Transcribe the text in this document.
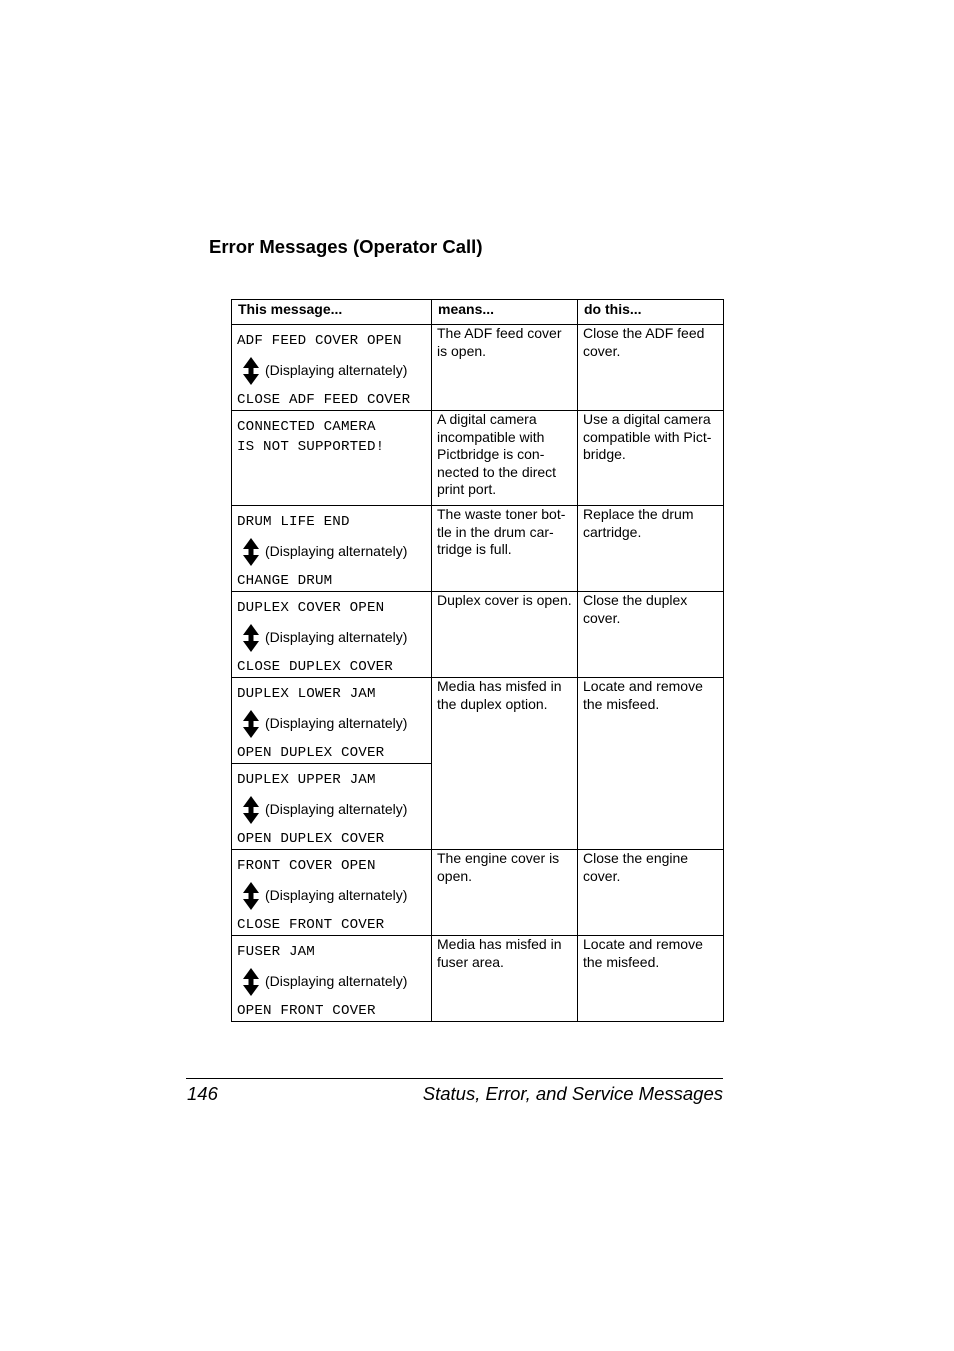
Error Messages (Operator Call)
This message...	means...	do this...

ADF FEED COVER OPEN
(Displaying alternately)
CLOSE ADF FEED COVER	The ADF feed cover is open.	Close the ADF feed cover.

CONNECTED CAMERA
IS NOT SUPPORTED!	A digital camera incompatible with Pictbridge is con-nected to the direct print port.	Use a digital camera compatible with Pict-bridge.

DRUM LIFE END
(Displaying alternately)
CHANGE DRUM	The waste toner bot-tle in the drum car-tridge is full.	Replace the drum cartridge.

DUPLEX COVER OPEN
(Displaying alternately)
CLOSE DUPLEX COVER	Duplex cover is open.	Close the duplex cover.

DUPLEX LOWER JAM
(Displaying alternately)
OPEN DUPLEX COVER	Media has misfed in the duplex option.	Locate and remove the misfeed.

DUPLEX UPPER JAM
(Displaying alternately)
OPEN DUPLEX COVER		

FRONT COVER OPEN
(Displaying alternately)
CLOSE FRONT COVER	The engine cover is open.	Close the engine cover.

FUSER JAM
(Displaying alternately)
OPEN FRONT COVER	Media has misfed in fuser area.	Locate and remove the misfeed.
146	Status, Error, and Service Messages
